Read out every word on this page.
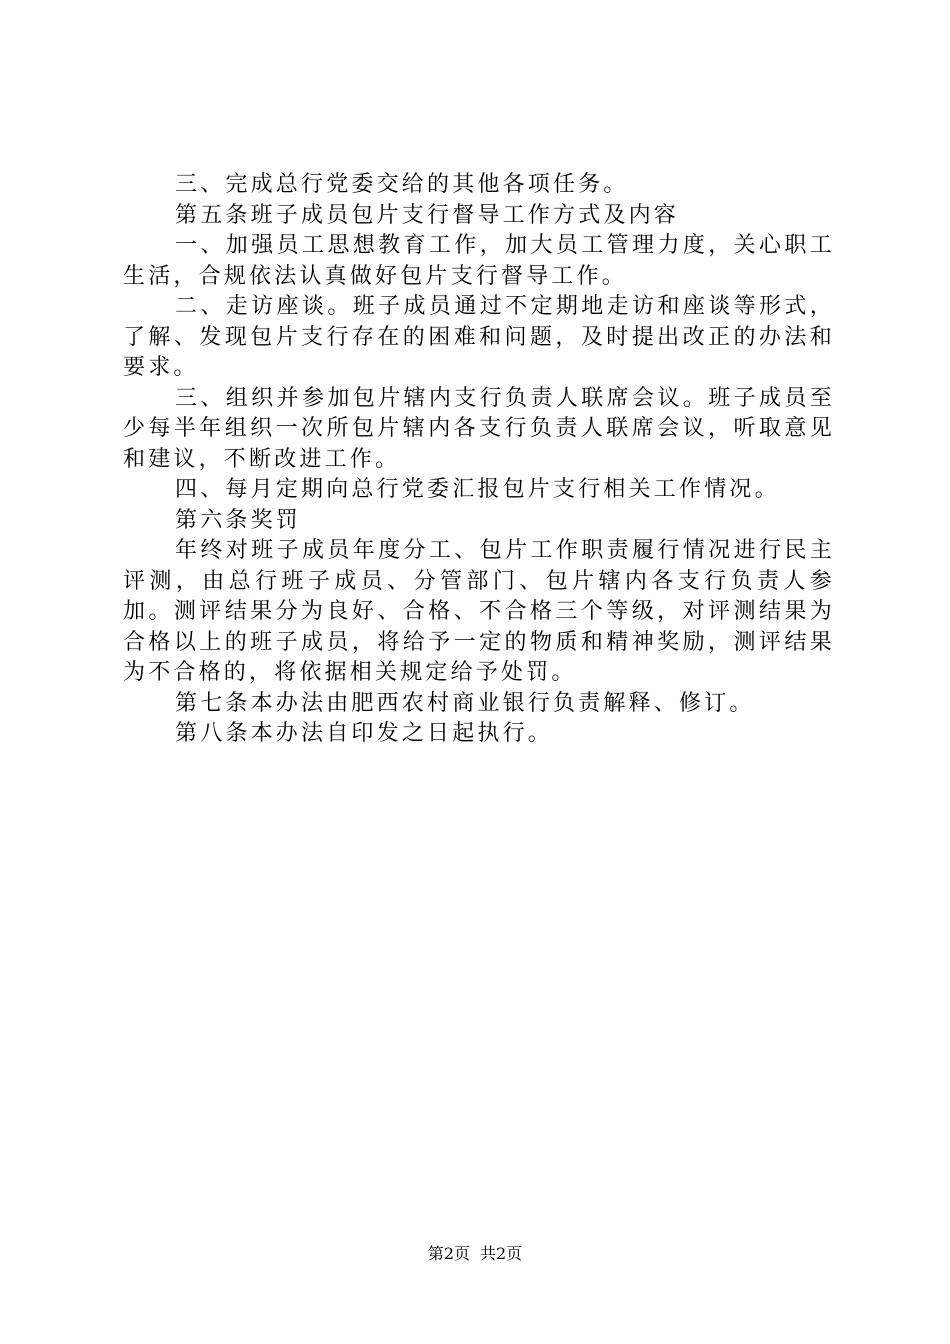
三、完成总行党委交给的其他各项任务。

第五条班子成员包片支行督导工作方式及内容

一、加强员工思想教育工作，加大员工管理力度，关心职工生活，合规依法认真做好包片支行督导工作。

二、走访座谈。班子成员通过不定期地走访和座谈等形式，了解、发现包片支行存在的困难和问题，及时提出改正的办法和要求。

三、组织并参加包片辖内支行负责人联席会议。班子成员至少每半年组织一次所包片辖内各支行负责人联席会议，听取意见和建议，不断改进工作。

四、每月定期向总行党委汇报包片支行相关工作情况。

第六条奖罚

年终对班子成员年度分工、包片工作职责履行情况进行民主评测，由总行班子成员、分管部门、包片辖内各支行负责人参加。测评结果分为良好、合格、不合格三个等级，对评测结果为合格以上的班子成员，将给予一定的物质和精神奖励，测评结果为不合格的，将依据相关规定给予处罚。

第七条本办法由肥西农村商业银行负责解释、修订。

第八条本办法自印发之日起执行。

第2页 共2页
